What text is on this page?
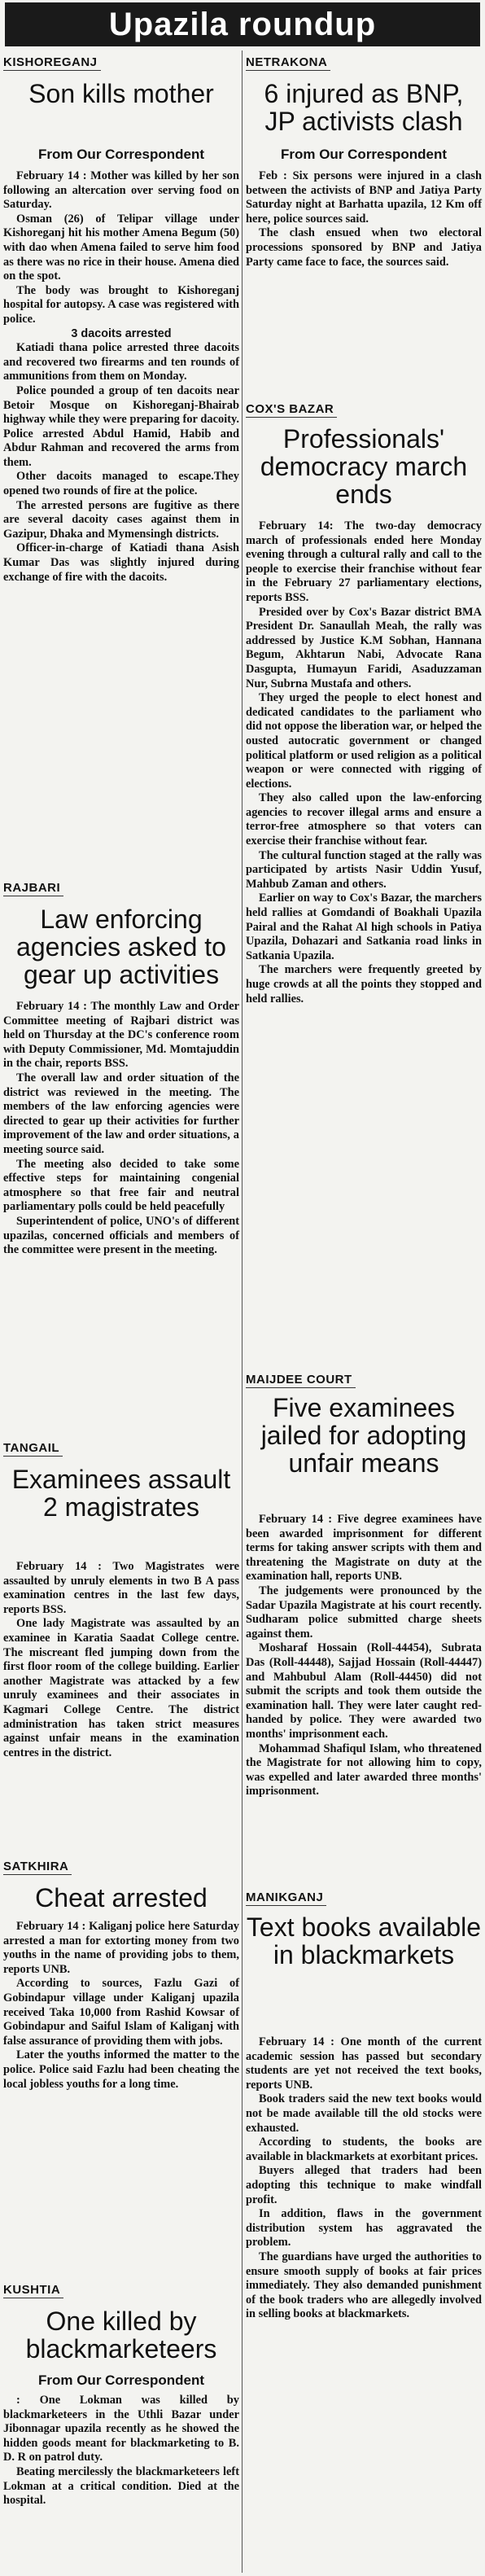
Upazila roundup
KISHOREGANJ
Son kills mother
From Our Correspondent

February 14 : Mother was killed by her son following an altercation over serving food on Saturday.

Osman (26) of Telipar village under Kishoreganj hit his mother Amena Begum (50) with dao when Amena failed to serve him food as there was no rice in their house. Amena died on the spot.

The body was brought to Kishoreganj hospital for autopsy. A case was registered with police.

3 dacoits arrested

Katiadi thana police arrested three dacoits and recovered two firearms and ten rounds of ammunitions from them on Monday.

Police pounded a group of ten dacoits near Betoir Mosque on Kishoreganj-Bhairab highway while they were preparing for dacoity. Police arrested Abdul Hamid, Habib and Abdur Rahman and recovered the arms from them.

Other dacoits managed to escape.They opened two rounds of fire at the police.

The arrested persons are fugitive as there are several dacoity cases against them in Gazipur, Dhaka and Mymensingh districts.

Officer-in-charge of Katiadi thana Asish Kumar Das was slightly injured during exchange of fire with the dacoits.

RAJBARI
Law enforcing agencies asked to gear up activities

February 14 : The monthly Law and Order Committee meeting of Rajbari district was held on Thursday at the DC's conference room with Deputy Commissioner, Md. Momtajuddin in the chair, reports BSS.

The overall law and order situation of the district was reviewed in the meeting. The members of the law enforcing agencies were directed to gear up their activities for further improvement of the law and order situations, a meeting source said.

The meeting also decided to take some effective steps for maintaining congenial atmosphere so that free fair and neutral parliamentary polls could be held peacefully

Superintendent of police, UNO's of different upazilas, concerned officials and members of the committee were present in the meeting.

TANGAIL
Examinees assault 2 magistrates

February 14 : Two Magistrates were assaulted by unruly elements in two B A pass examination centres in the last few days, reports BSS.

One lady Magistrate was assaulted by an examinee in Karatia Saadat College centre. The miscreant fled jumping down from the first floor room of the college building. Earlier another Magistrate was attacked by a few unruly examinees and their associates in Kagmari College Centre. The district administration has taken strict measures against unfair means in the examination centres in the district.

SATKHIRA
Cheat arrested

February 14 : Kaliganj police here Saturday arrested a man for extorting money from two youths in the name of providing jobs to them, reports UNB.

According to sources, Fazlu Gazi of Gobindapur village under Kaliganj upazila received Taka 10,000 from Rashid Kowsar of Gobindapur and Saiful Islam of Kaliganj with false assurance of providing them with jobs.

Later the youths informed the matter to the police. Police said Fazlu had been cheating the local jobless youths for a long time.

KUSHTIA
One killed by blackmarketeers
From Our Correspondent

: One Lokman was killed by blackmarketeers in the Uthli Bazar under Jibonnagar upazila recently as he showed the hidden goods meant for blackmarketing to B. D. R on patrol duty.

Beating mercilessly the blackmarketeers left Lokman at a critical condition. Died at the hospital.

NETRAKONA
6 injured as BNP, JP activists clash
From Our Correspondent

Feb : Six persons were injured in a clash between the activists of BNP and Jatiya Party Saturday night at Barhatta upazila, 12 Km off here, police sources said.

The clash ensued when two electoral processions sponsored by BNP and Jatiya Party came face to face, the sources said.

COX'S BAZAR
Professionals' democracy march ends

February 14: The two-day democracy march of professionals ended here Monday evening through a cultural rally and call to the people to exercise their franchise without fear in the February 27 parliamentary elections, reports BSS.

Presided over by Cox's Bazar district BMA President Dr. Sanaullah Meah, the rally was addressed by Justice K.M Sobhan, Hannana Begum, Akhtarun Nabi, Advocate Rana Dasgupta, Humayun Faridi, Asaduzzaman Nur, Subrna Mustafa and others.

They urged the people to elect honest and dedicated candidates to the parliament who did not oppose the liberation war, or helped the ousted autocratic government or changed political platform or used religion as a political weapon or were connected with rigging of elections.

They also called upon the law-enforcing agencies to recover illegal arms and ensure a terror-free atmosphere so that voters can exercise their franchise without fear.

The cultural function staged at the rally was participated by artists Nasir Uddin Yusuf, Mahbub Zaman and others.

Earlier on way to Cox's Bazar, the marchers held rallies at Gomdandi of Boakhali Upazila Pairal and the Rahat Al high schools in Patiya Upazila, Dohazari and Satkania road links in Satkania Upazila.

The marchers were frequently greeted by huge crowds at all the points they stopped and held rallies.

MAIJDEE COURT
Five examinees jailed for adopting unfair means

February 14 : Five degree examinees have been awarded imprisonment for different terms for taking answer scripts with them and threatening the Magistrate on duty at the examination hall, reports UNB.

The judgements were pronounced by the Sadar Upazila Magistrate at his court recently. Sudharam police submitted charge sheets against them.

Mosharaf Hossain (Roll-44454), Subrata Das (Roll-44448), Sajjad Hossain (Roll-44447) and Mahbubul Alam (Roll-44450) did not submit the scripts and took them outside the examination hall. They were later caught red-handed by police. They were awarded two months' imprisonment each.

Mohammad Shafiqul Islam, who threatened the Magistrate for not allowing him to copy, was expelled and later awarded three months' imprisonment.

MANIKGANJ
Text books available in blackmarkets

February 14 : One month of the current academic session has passed but secondary students are yet not received the text books, reports UNB.

Book traders said the new text books would not be made available till the old stocks were exhausted.

According to students, the books are available in blackmarkets at exorbitant prices.

Buyers alleged that traders had been adopting this technique to make windfall profit.

In addition, flaws in the government distribution system has aggravated the problem.

The guardians have urged the authorities to ensure smooth supply of books at fair prices immediately. They also demanded punishment of the book traders who are allegedly involved in selling books at blackmarkets.
